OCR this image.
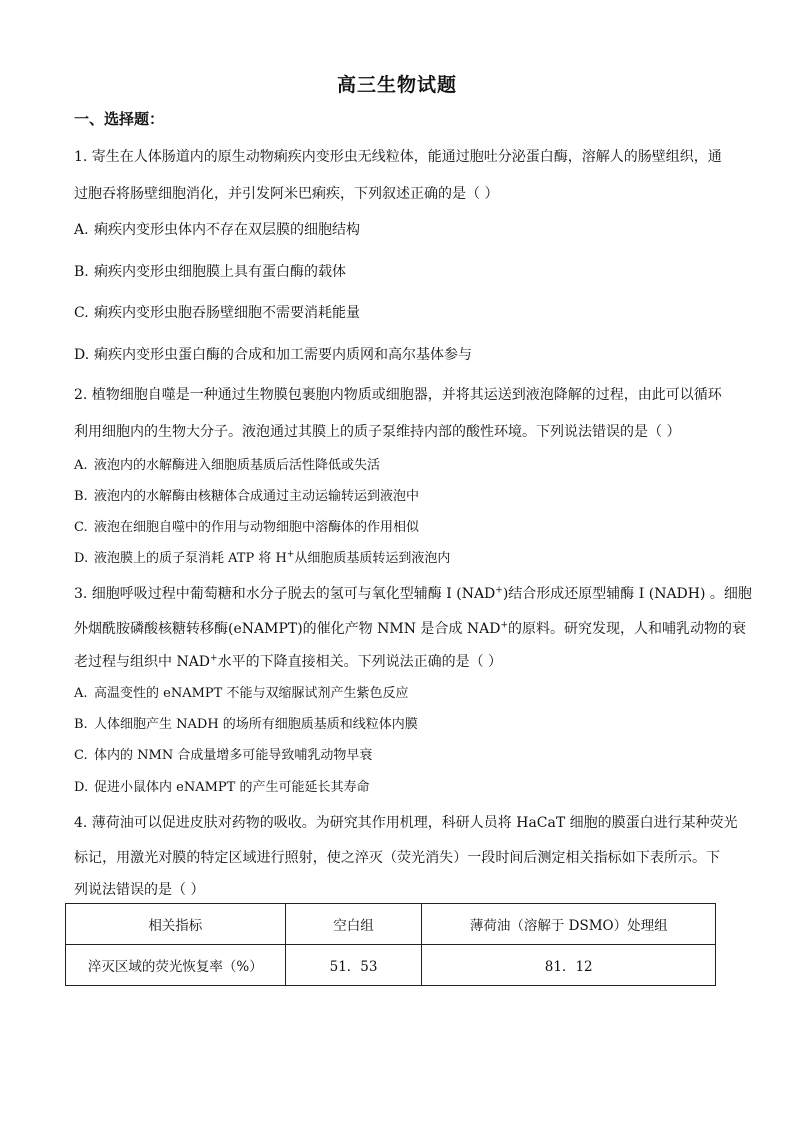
高三生物试题
一、选择题：
1. 寄生在人体肠道内的原生动物痢疾内变形虫无线粒体，能通过胞吐分泌蛋白酶，溶解人的肠壁组织，通
过胞吞将肠壁细胞消化，并引发阿米巴痢疾，下列叙述正确的是（ ）
A. 痢疾内变形虫体内不存在双层膜的细胞结构
B. 痢疾内变形虫细胞膜上具有蛋白酶的载体
C. 痢疾内变形虫胞吞肠壁细胞不需要消耗能量
D. 痢疾内变形虫蛋白酶的合成和加工需要内质网和高尔基体参与
2. 植物细胞自噬是一种通过生物膜包裹胞内物质或细胞器，并将其运送到液泡降解的过程，由此可以循环
利用细胞内的生物大分子。液泡通过其膜上的质子泵维持内部的酸性环境。下列说法错误的是（ ）
A. 液泡内的水解酶进入细胞质基质后活性降低或失活
B. 液泡内的水解酶由核糖体合成通过主动运输转运到液泡中
C. 液泡在细胞自噬中的作用与动物细胞中溶酶体的作用相似
D. 液泡膜上的质子泵消耗 ATP 将 H+从细胞质基质转运到液泡内
3. 细胞呼吸过程中葡萄糖和水分子脱去的氢可与氧化型辅酶 I (NAD+)结合形成还原型辅酶 I (NADH) 。细胞
外烟酰胺磷酸核糖转移酶(eNAMPT)的催化产物 NMN 是合成 NAD+的原料。研究发现，人和哺乳动物的衰
老过程与组织中 NAD+水平的下降直接相关。下列说法正确的是（ ）
A. 高温变性的 eNAMPT 不能与双缩脲试剂产生紫色反应
B. 人体细胞产生 NADH 的场所有细胞质基质和线粒体内膜
C. 体内的 NMN 合成量增多可能导致哺乳动物早衰
D. 促进小鼠体内 eNAMPT 的产生可能延长其寿命
4. 薄荷油可以促进皮肤对药物的吸收。为研究其作用机理，科研人员将 HaCaT 细胞的膜蛋白进行某种荧光
标记，用激光对膜的特定区域进行照射，使之淬灭（荧光消失）一段时间后测定相关指标如下表所示。下
列说法错误的是（ ）
相关指标	空白组	薄荷油（溶解于 DSMO）处理组
淬灭区域的荧光恢复率（%）	51．53	81．12
